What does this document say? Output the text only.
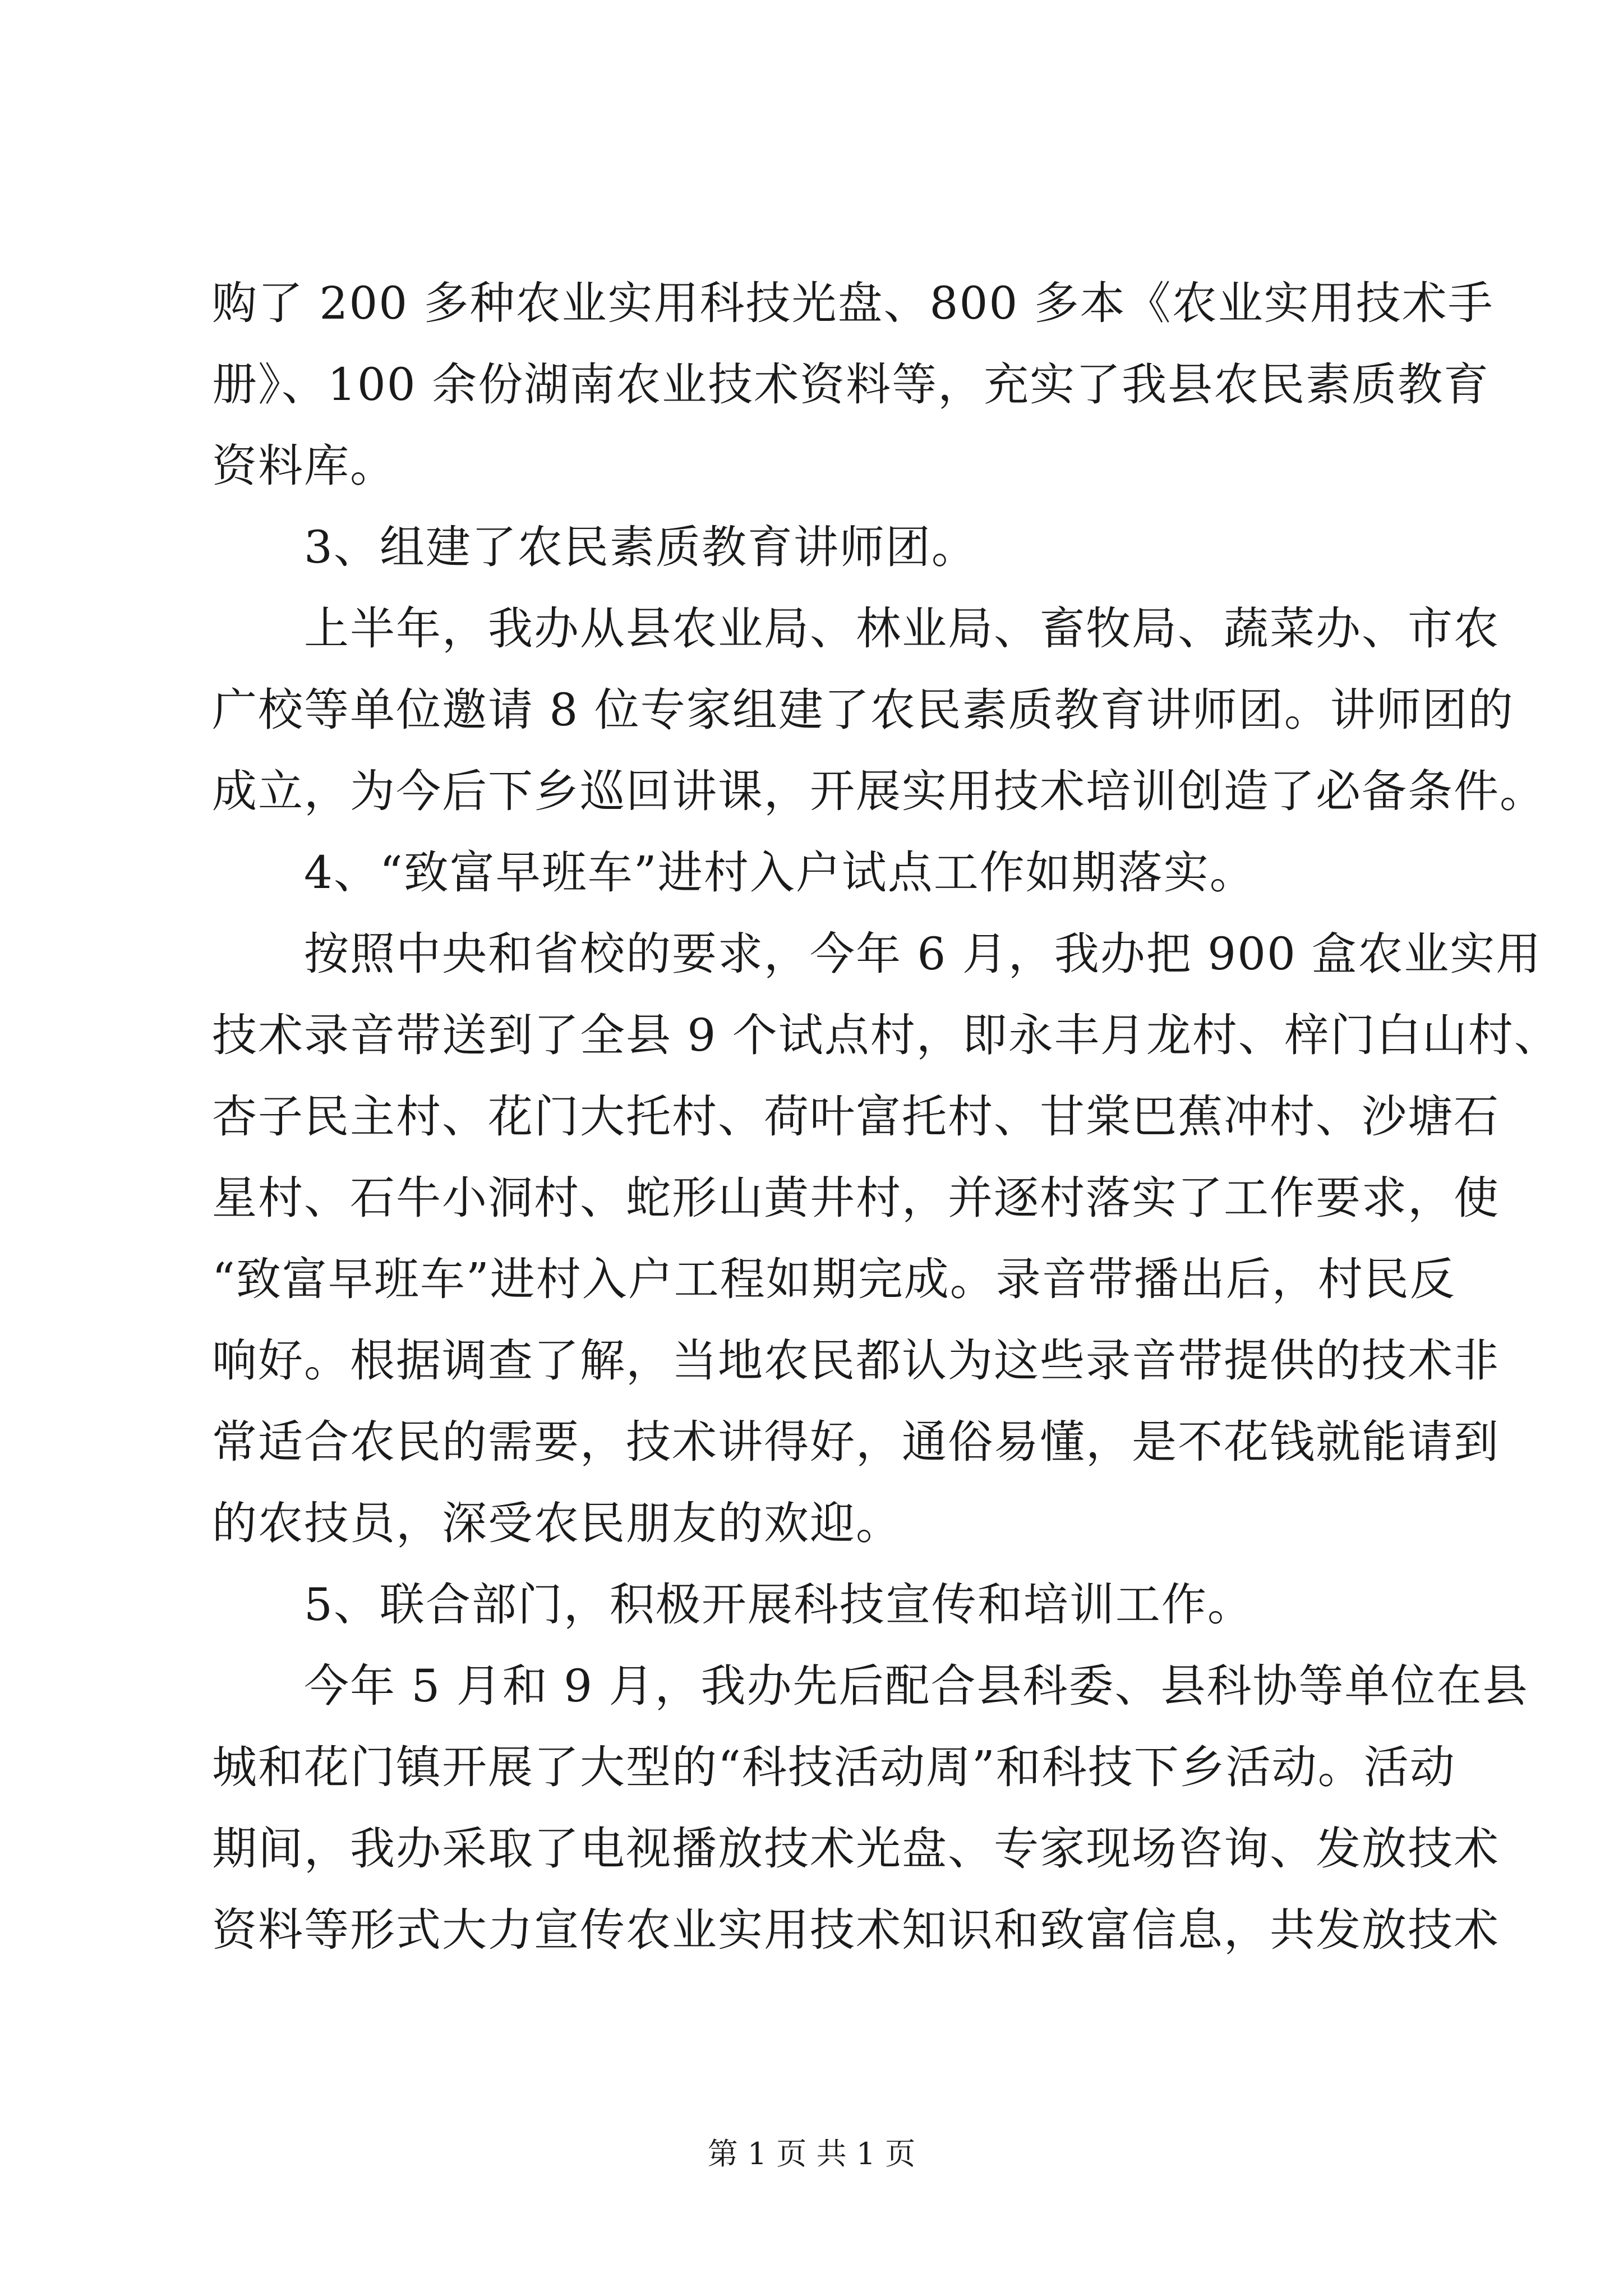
购了 200 多种农业实用科技光盘、800 多本《农业实用技术手
册》、100 余份湖南农业技术资料等，充实了我县农民素质教育
资料库。
3、组建了农民素质教育讲师团。
上半年，我办从县农业局、林业局、畜牧局、蔬菜办、市农
广校等单位邀请 8 位专家组建了农民素质教育讲师团。讲师团的
成立，为今后下乡巡回讲课，开展实用技术培训创造了必备条件。
4、“致富早班车”进村入户试点工作如期落实。
按照中央和省校的要求，今年 6 月，我办把 900 盒农业实用
技术录音带送到了全县 9 个试点村，即永丰月龙村、梓门白山村、
杏子民主村、花门大托村、荷叶富托村、甘棠巴蕉冲村、沙塘石
星村、石牛小洞村、蛇形山黄井村，并逐村落实了工作要求，使
“致富早班车”进村入户工程如期完成。录音带播出后，村民反
响好。根据调查了解，当地农民都认为这些录音带提供的技术非
常适合农民的需要，技术讲得好，通俗易懂，是不花钱就能请到
的农技员，深受农民朋友的欢迎。
5、联合部门，积极开展科技宣传和培训工作。
今年 5 月和 9 月，我办先后配合县科委、县科协等单位在县
城和花门镇开展了大型的“科技活动周”和科技下乡活动。活动
期间，我办采取了电视播放技术光盘、专家现场咨询、发放技术
资料等形式大力宣传农业实用技术知识和致富信息，共发放技术
第 1 页 共 1 页
